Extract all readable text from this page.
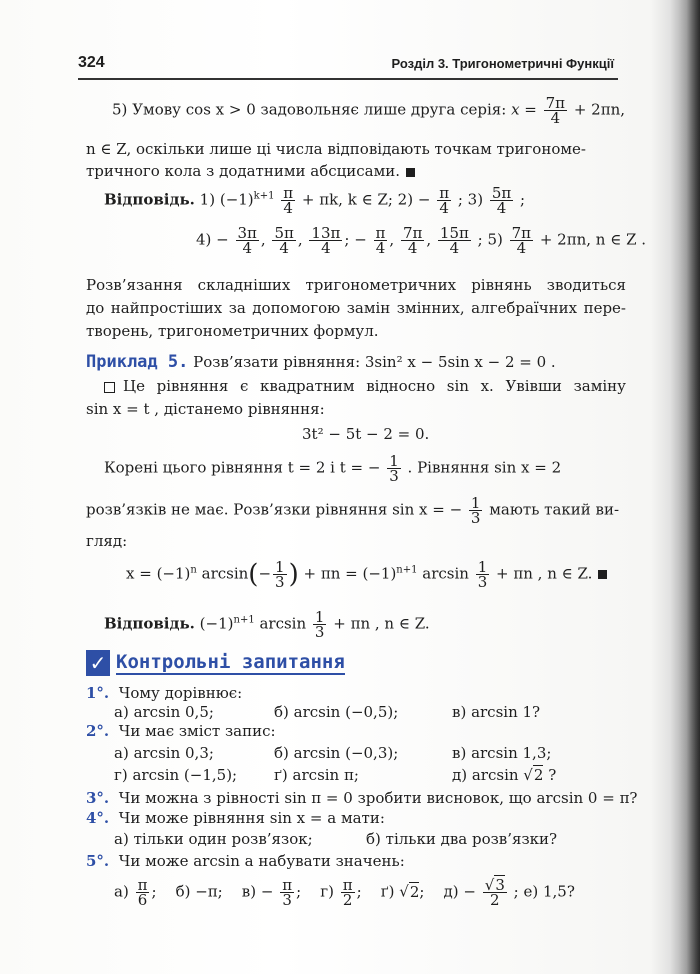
324	Розділ 3. Тригонометричні Функції
5) Умову cos x > 0 задовольняє лише друга серія: $x = \frac{7\pi}{4} + 2\pi n$,
n ∈ Z, оскільки лише ці числа відповідають точкам тригономе-
тричного кола з додатними абсцисами.
Відповідь. 1) $(-1)^{k+1} \frac{\pi}{4} + \pi k$, k ∈ Z; $2) - \frac{\pi}{4}$ ; $3) \frac{5\pi}{4}$ ;
$4) - \frac{3\pi}{4}$ , $\frac{5\pi}{4}$ , $\frac{13\pi}{4}$ ; − $\frac{\pi}{4}$ , $\frac{7\pi}{4}$ , $\frac{15\pi}{4}$ ; $5) \frac{7\pi}{4} + 2\pi n$, n ∈ Z .
Розв’язання складніших тригонометричних рівнянь зводиться
до найпростіших за допомогою замін змінних, алгебраїчних пере-
творень, тригонометричних формул.
Приклад 5. Розв’язати рівняння: 3sin² x − 5sin x − 2 = 0 .
Це рівняння є квадратним відносно sin x. Увівши заміну
sin x = t , дістанемо рівняння:
3t² − 5t − 2 = 0.
Корені цього рівняння t = 2 і t = − $\frac{1}{3}$ . Рівняння sin x = 2
розв’язків не має. Розв’язки рівняння sin x = − $\frac{1}{3}$ мають такий ви-
гляд:
$x = (-1)^n$ $\arcsin(- \frac{1}{3}$ ) + $\pi n = (-1)^{n+1}$ $\arcsin \frac{1}{3} + \pi n$ , n ∈ Z.
Відповідь. $(-1)^{n+1}$ $\arcsin \frac{1}{3} + \pi n$ , n ∈ Z.
✓ Контрольні запитання
1°. Чому дорівнює:
а) arcsin 0,5;	б) arcsin (−0,5);	в) arcsin 1?
2°. Чи має зміст запис:
а) arcsin 0,3;	б) arcsin (−0,3);	в) arcsin 1,3;
г) arcsin (−1,5); ґ) arcsin π;	д) arcsin √2 ?
3°. Чи можна з рівності sin π = 0 зробити висновок, що arcsin 0 = π?
4°. Чи може рівняння sin x = a мати:
а) тільки один розв’язок;	б) тільки два розв’язки?
5°. Чи може arcsin a набувати значень:
$а) \frac{\pi}{6}$ ; б) −π; $в) - \frac{\pi}{3}$ ; $г) \frac{\pi}{2}$ ; ґ) √2; $д) - \frac{√3}{2}$ ; е) 1,5?
